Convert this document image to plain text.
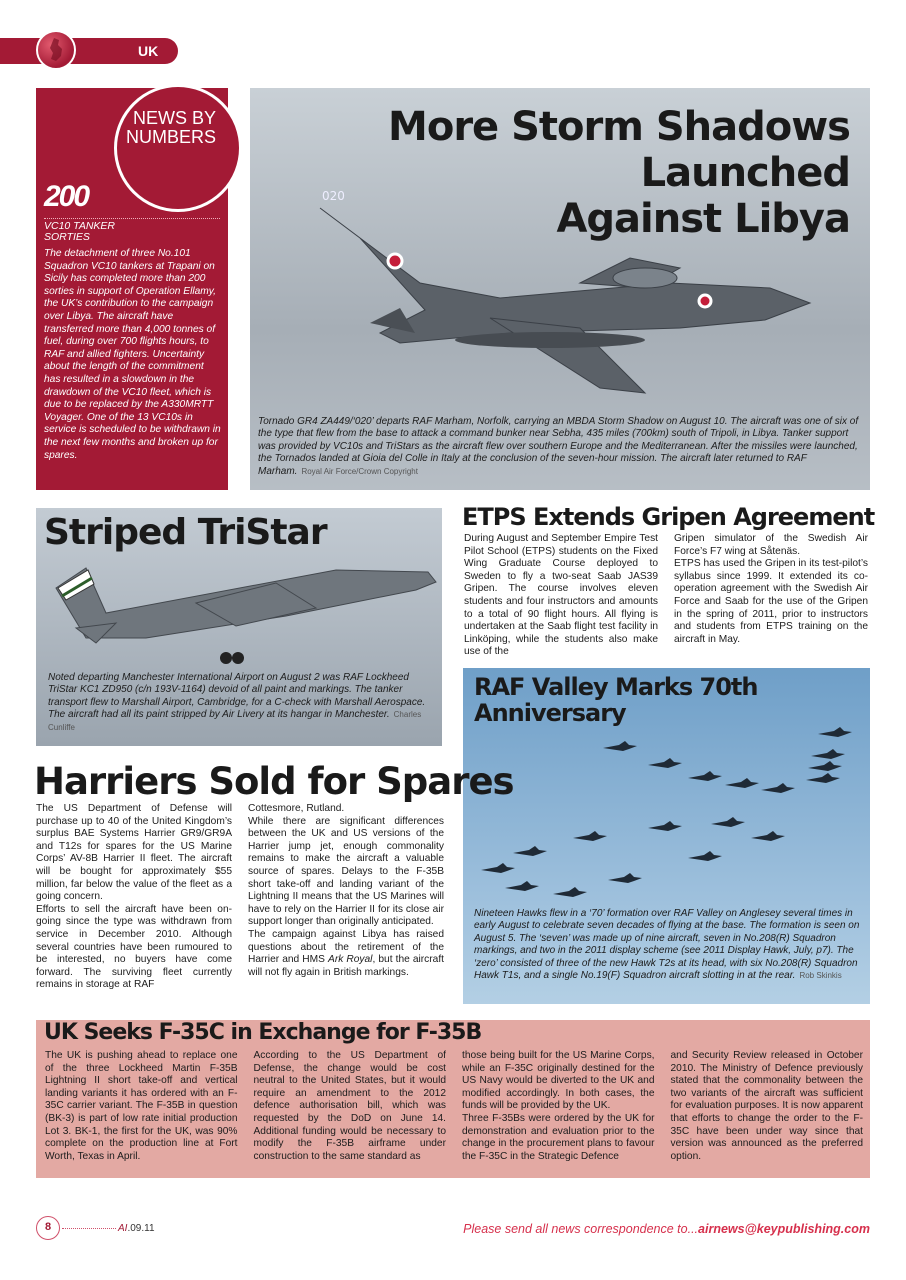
UK
NEWS BY NUMBERS
200
VC10 TANKER SORTIES
The detachment of three No.101 Squadron VC10 tankers at Trapani on Sicily has completed more than 200 sorties in support of Operation Ellamy, the UK’s contribution to the campaign over Libya. The aircraft have transferred more than 4,000 tonnes of fuel, during over 700 flights hours, to RAF and allied fighters. Uncertainty about the length of the commitment has resulted in a slowdown in the drawdown of the VC10 fleet, which is due to be replaced by the A330MRTT Voyager. One of the 13 VC10s in service is scheduled to be withdrawn in the next few months and broken up for spares.
020
More Storm Shadows Launched
Against Libya
Tornado GR4 ZA449/‘020’ departs RAF Marham, Norfolk, carrying an MBDA Storm Shadow on August 10. The aircraft was one of six of the type that flew from the base to attack a command bunker near Sebha, 435 miles (700km) south of Tripoli, in Libya. Tanker support was provided by VC10s and TriStars as the aircraft flew over southern Europe and the Mediterranean. After the missiles were launched, the Tornados landed at Gioia del Colle in Italy at the conclusion of the seven-hour mission. The aircraft later returned to RAF Marham. Royal Air Force/Crown Copyright
Striped TriStar
Noted departing Manchester International Airport on August 2 was RAF Lockheed TriStar KC1 ZD950 (c/n 193V-1164) devoid of all paint and markings. The tanker transport flew to Marshall Airport, Cambridge, for a C-check with Marshall Aerospace. The aircraft had all its paint stripped by Air Livery at its hangar in Manchester. Charles Cunliffe
ETPS Extends Gripen Agreement
During August and September Empire Test Pilot School (ETPS) students on the Fixed Wing Graduate Course deployed to Sweden to fly a two-seat Saab JAS39 Gripen. The course involves eleven students and four instructors and amounts to a total of 90 flight hours. All flying is undertaken at the Saab flight test facility in Linköping, while the students also make use of the
Gripen simulator of the Swedish Air Force’s F7 wing at Såtenäs.
ETPS has used the Gripen in its test-pilot’s syllabus since 1999. It extended its co-operation agreement with the Swedish Air Force and Saab for the use of the Gripen in the spring of 2011, prior to instructors and students from ETPS training on the aircraft in May.
RAF Valley Marks 70th
Anniversary
Nineteen Hawks flew in a ‘70’ formation over RAF Valley on Anglesey several times in early August to celebrate seven decades of flying at the base. The formation is seen on August 5. The ‘seven’ was made up of nine aircraft, seven in No.208(R) Squadron markings, and two in the 2011 display scheme (see 2011 Display Hawk, July, p7). The ‘zero’ consisted of three of the new Hawk T2s at its head, with six No.208(R) Squadron Hawk T1s, and a single No.19(F) Squadron aircraft slotting in at the rear. Rob Skinkis
Harriers Sold for Spares
The US Department of Defense will purchase up to 40 of the United Kingdom’s surplus BAE Systems Harrier GR9/GR9A and T12s for spares for the US Marine Corps’ AV-8B Harrier II fleet. The aircraft will be bought for approximately $55 million, far below the value of the fleet as a going concern.
Efforts to sell the aircraft have been on-going since the type was withdrawn from service in December 2010. Although several countries have been rumoured to be interested, no buyers have come forward. The surviving fleet currently remains in storage at RAF
Cottesmore, Rutland.
While there are significant differences between the UK and US versions of the Harrier jump jet, enough commonality remains to make the aircraft a valuable source of spares. Delays to the F-35B short take-off and landing variant of the Lightning II means that the US Marines will have to rely on the Harrier II for its close air support longer than originally anticipated.
The campaign against Libya has raised questions about the retirement of the Harrier and HMS Ark Royal, but the aircraft will not fly again in British markings.
UK Seeks F-35C in Exchange for F-35B
The UK is pushing ahead to replace one of the three Lockheed Martin F-35B Lightning II short take-off and vertical landing variants it has ordered with an F-35C carrier variant. The F-35B in question (BK-3) is part of low rate initial production Lot 3. BK-1, the first for the UK, was 90% complete on the production line at Fort Worth, Texas in April.
According to the US Department of Defense, the change would be cost neutral to the United States, but it would require an amendment to the 2012 defence authorisation bill, which was requested by the DoD on June 14. Additional funding would be necessary to modify the F-35B airframe under construction to the same standard as
those being built for the US Marine Corps, while an F-35C originally destined for the US Navy would be diverted to the UK and modified accordingly. In both cases, the funds will be provided by the UK.
Three F-35Bs were ordered by the UK for demonstration and evaluation prior to the change in the procurement plans to favour the F-35C in the Strategic Defence
and Security Review released in October 2010. The Ministry of Defence previously stated that the commonality between the two variants of the aircraft was sufficient for evaluation purposes. It is now apparent that efforts to change the order to the F-35C have been under way since that version was announced as the preferred option.
8	AI.09.11	Please send all news correspondence to...airnews@keypublishing.com
